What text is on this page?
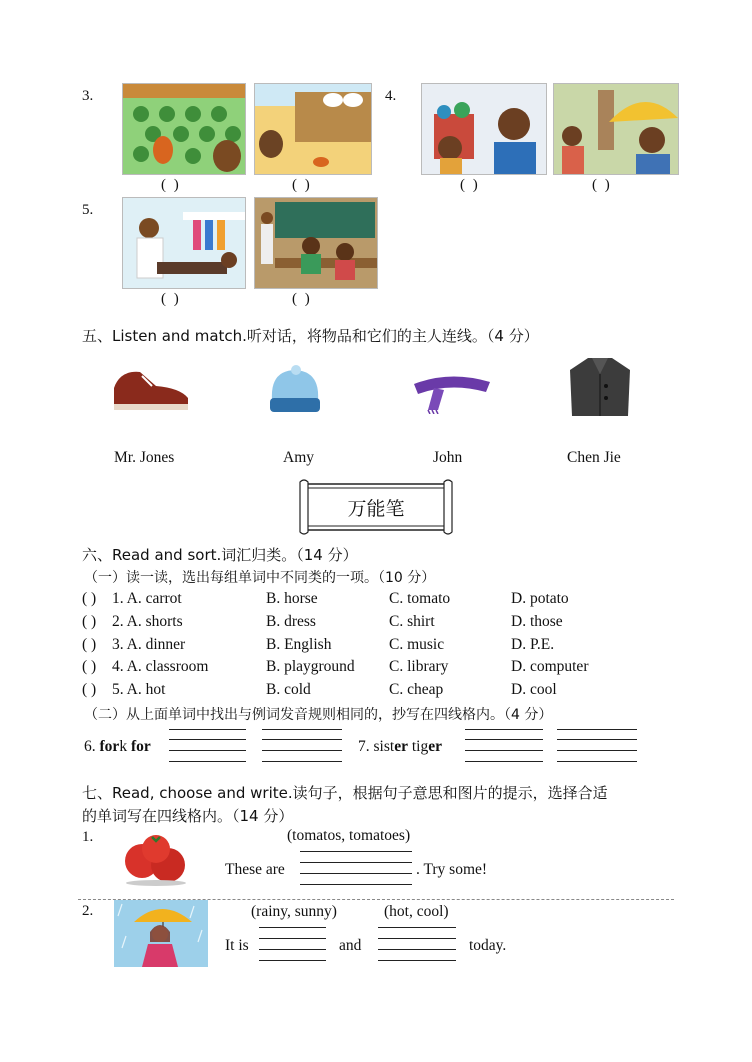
3.
( )	( )
4.
( )	( )
5.
( )	( )
五、Listen and match.听对话，将物品和它们的主人连线。（4 分）
Mr. Jones	Amy	John	Chen Jie
万能笔
六、Read and sort.词汇归类。（14 分）
（一）读一读，选出每组单词中不同类的一项。（10 分）
( ) 1. A. carrot	B. horse	C. tomato	D. potato
( ) 2. A. shorts	B. dress	C. shirt	D. those
( ) 3. A. dinner	B. English	C. music	D. P.E.
( ) 4. A. classroom	B. playground C. library	D. computer
( ) 5. A. hot	B. cold	C. cheap	D. cool
（二）从上面单词中找出与例词发音规则相同的，抄写在四线格内。（4 分）
6. fork for	7. sister tiger
七、Read, choose and write.读句子，根据句子意思和图片的提示，选择合适
的单词写在四线格内。（14 分）
1.	(tomatos, tomatoes)
These are	. Try some!
2.	(rainy, sunny)	(hot, cool)
It is	and	today.
